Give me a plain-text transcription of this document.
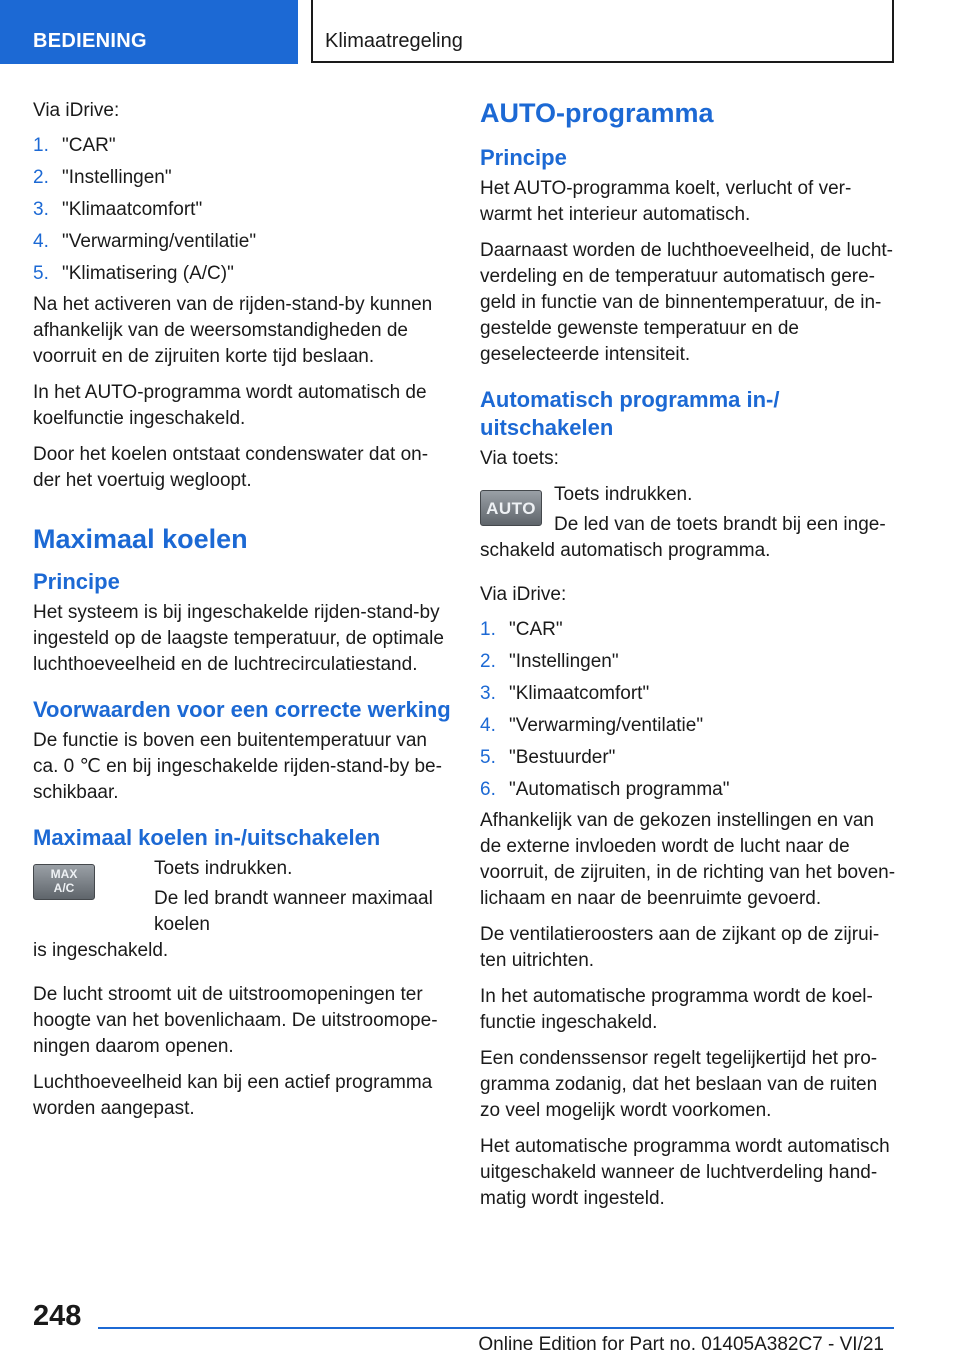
BEDIENING	Klimaatregeling

Via iDrive:

1. "CAR"
2. "Instellingen"
3. "Klimaatcomfort"
4. "Verwarming/ventilatie"
5. "Klimatisering (A/C)"

Na het activeren van de rijden-stand-by kunnen afhankelijk van de weersomstandigheden de voorruit en de zijruiten korte tijd beslaan.

In het AUTO-programma wordt automatisch de koelfunctie ingeschakeld.

Door het koelen ontstaat condenswater dat on-der het voertuig wegloopt.

Maximaal koelen
Principe

Het systeem is bij ingeschakelde rijden-stand-by ingesteld op de laagste temperatuur, de optimale luchthoeveelheid en de luchtrecirculatiestand.

Voorwaarden voor een correcte werking

De functie is boven een buitentemperatuur van ca. 0 ℃ en bij ingeschakelde rijden-stand-by be-schikbaar.

Maximaal koelen in-/uitschakelen
MAX
A/C

Toets indrukken.

De led brandt wanneer maximaal koelen

is ingeschakeld.

De lucht stroomt uit de uitstroomopeningen ter hoogte van het bovenlichaam. De uitstroomope-ningen daarom openen.

Luchthoeveelheid kan bij een actief programma worden aangepast.

AUTO-programma
Principe

Het AUTO-programma koelt, verlucht of ver-warmt het interieur automatisch.

Daarnaast worden de luchthoeveelheid, de lucht-verdeling en de temperatuur automatisch gere-geld in functie van de binnentemperatuur, de in-gestelde gewenste temperatuur en de geselecteerde intensiteit.

Automatisch programma in-/ uitschakelen

Via toets:

AUTO

Toets indrukken.

De led van de toets brandt bij een inge-

schakeld automatisch programma.

Via iDrive:

1. "CAR"
2. "Instellingen"
3. "Klimaatcomfort"
4. "Verwarming/ventilatie"
5. "Bestuurder"
6. "Automatisch programma"

Afhankelijk van de gekozen instellingen en van de externe invloeden wordt de lucht naar de voorruit, de zijruiten, in de richting van het boven-lichaam en naar de beenruimte gevoerd.

De ventilatieroosters aan de zijkant op de zijrui-ten uitrichten.

In het automatische programma wordt de koel-functie ingeschakeld.

Een condenssensor regelt tegelijkertijd het pro-gramma zodanig, dat het beslaan van de ruiten zo veel mogelijk wordt voorkomen.

Het automatische programma wordt automatisch uitgeschakeld wanneer de luchtverdeling hand-matig wordt ingesteld.

248
Online Edition for Part no. 01405A382C7 - VI/21
